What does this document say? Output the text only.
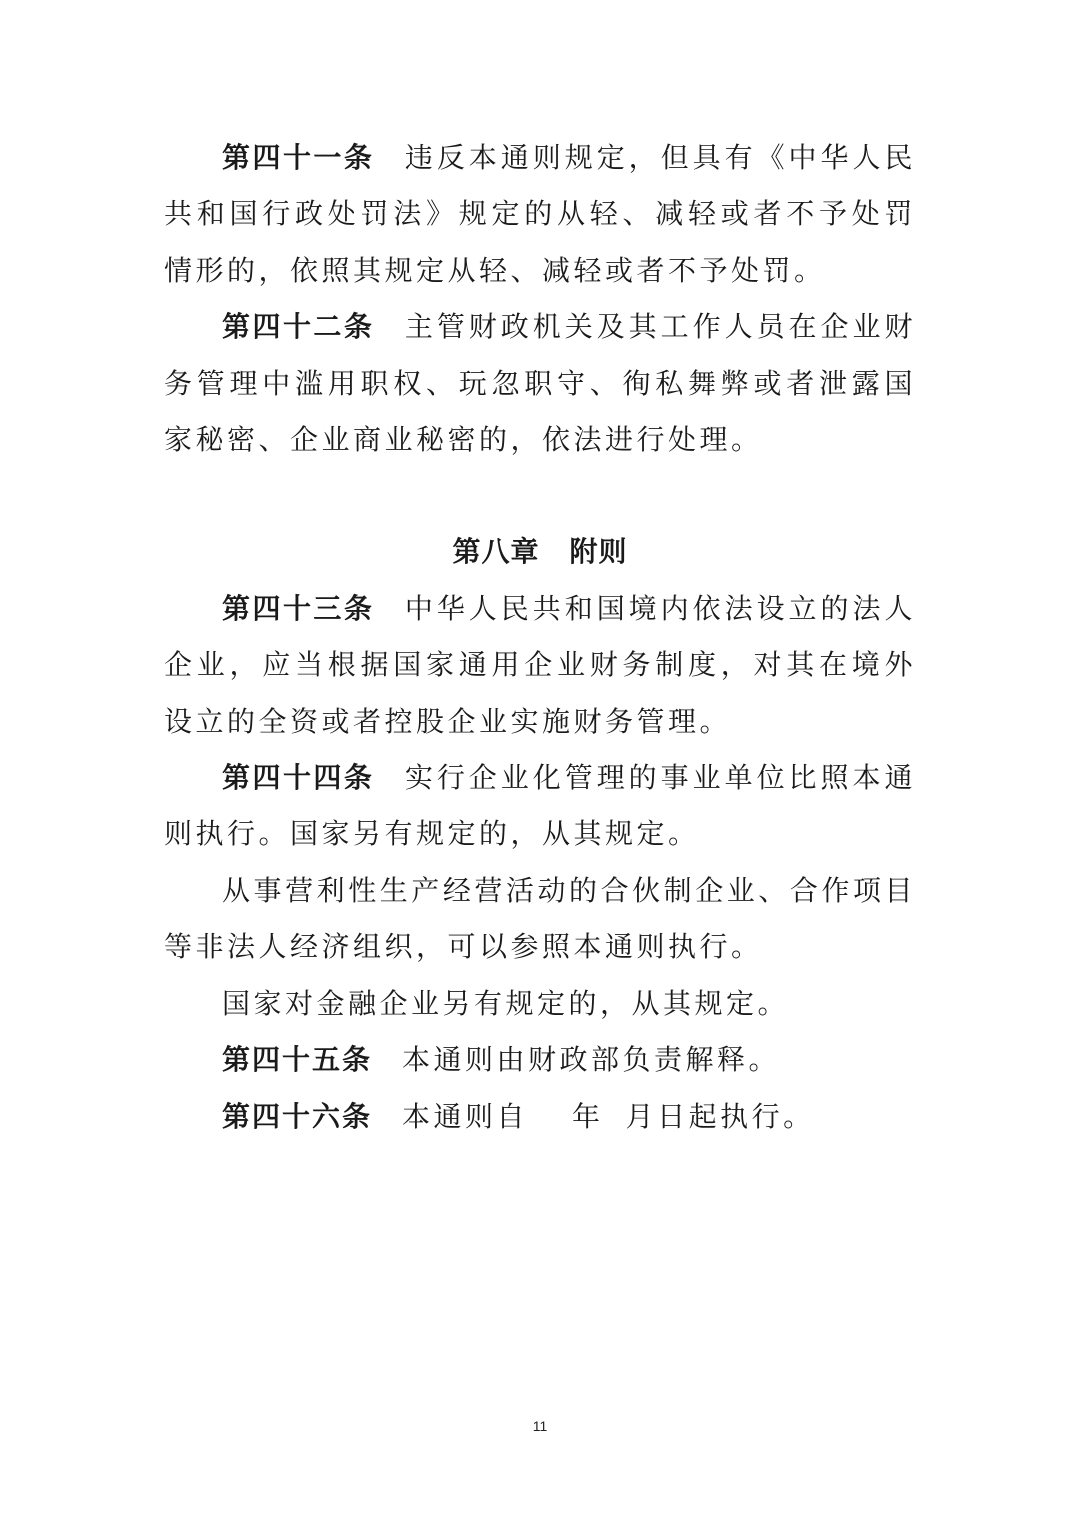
第四十一条 违反本通则规定，但具有《中华人民共和国行政处罚法》规定的从轻、减轻或者不予处罚情形的，依照其规定从轻、减轻或者不予处罚。

第四十二条 主管财政机关及其工作人员在企业财务管理中滥用职权、玩忽职守、徇私舞弊或者泄露国家秘密、企业商业秘密的，依法进行处理。

第八章 附则

第四十三条 中华人民共和国境内依法设立的法人企业，应当根据国家通用企业财务制度，对其在境外设立的全资或者控股企业实施财务管理。

第四十四条 实行企业化管理的事业单位比照本通则执行。国家另有规定的，从其规定。

从事营利性生产经营活动的合伙制企业、合作项目等非法人经济组织，可以参照本通则执行。

国家对金融企业另有规定的，从其规定。

第四十五条 本通则由财政部负责解释。

第四十六条 本通则自 年 月日起执行。

11
